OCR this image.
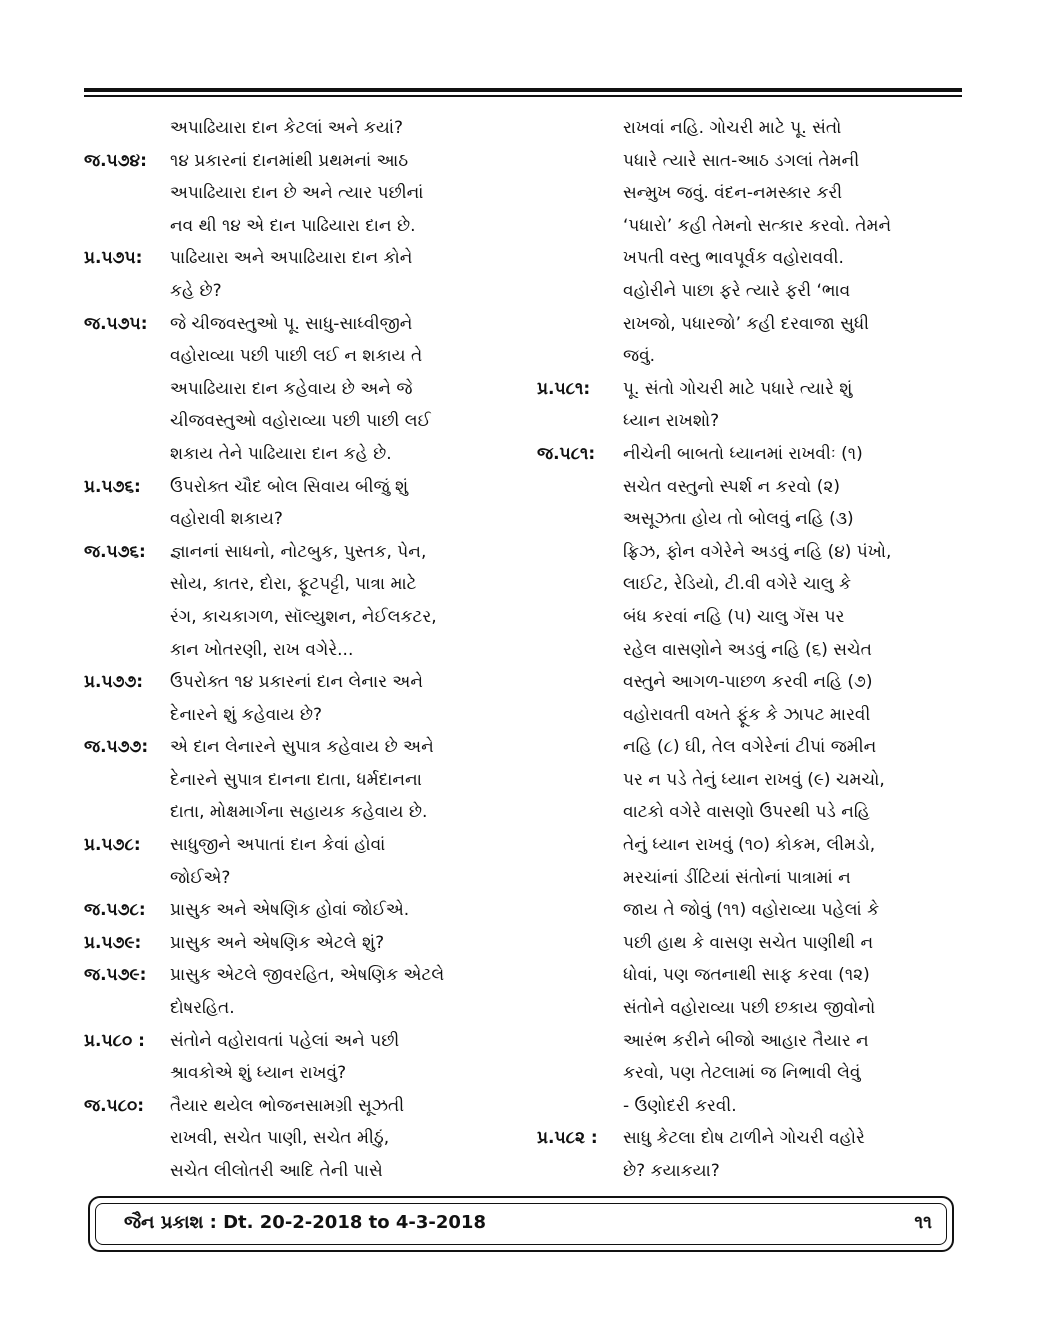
અપાઢિયારા દાન કેટલાં અને કયાં?
જ.૫૭૪:	૧૪ પ્રકારનાં દાનમાંથી પ્રથમનાં આઠ
અપાઢિયારા દાન છે અને ત્યાર પછીનાં
નવ થી ૧૪ એ દાન પાઢિયારા દાન છે.
પ્ર.૫૭૫:	પાઢિયારા અને અપાઢિયારા દાન કોને
કહે છે?
જ.૫૭૫:	જે ચીજવસ્તુઓ પૂ. સાધુ-સાધ્વીજીને
વહોરાવ્યા પછી પાછી લઈ ન શકાય તે
અપાઢિયારા દાન કહેવાય છે અને જે
ચીજવસ્તુઓ વહોરાવ્યા પછી પાછી લઈ
શકાય તેને પાઢિયારા દાન કહે છે.
પ્ર.૫૭૬:	ઉપરોક્ત ચૌદ બોલ સિવાય બીજું શું
વહોરાવી શકાય?
જ.૫૭૬:	જ્ઞાનનાં સાધનો, નોટબુક, પુસ્તક, પેન,
સોય, કાતર, દોરા, ફૂટપટ્ટી, પાત્રા માટે
રંગ, કાચકાગળ, સૉલ્યુશન, નેઈલકટર,
કાન ખોતરણી, રાખ વગેરે...
પ્ર.૫૭૭:	ઉપરોક્ત ૧૪ પ્રકારનાં દાન લેનાર અને
દેનારને શું કહેવાય છે?
જ.૫૭૭:	એ દાન લેનારને સુપાત્ર કહેવાય છે અને
દેનારને સુપાત્ર દાનના દાતા, ધર્મદાનના
દાતા, મોક્ષમાર્ગના સહાયક કહેવાય છે.
પ્ર.૫૭૮:	સાધુજીને અપાતાં દાન કેવાં હોવાં
જોઈએ?
જ.૫૭૮:	પ્રાસુક અને એષણિક હોવાં જોઈએ.
પ્ર.૫૭૯:	પ્રાસુક અને એષણિક એટલે શું?
જ.૫૭૯:	પ્રાસુક એટલે જીવરહિત, એષણિક એટલે
દોષરહિત.
પ્ર.૫૮૦ :	સંતોને વહોરાવતાં પહેલાં અને પછી
શ્રાવકોએ શું ધ્યાન રાખવું?
જ.૫૮૦:	તૈયાર થયેલ ભોજનસામગ્રી સૂઝતી
રાખવી, સચેત પાણી, સચેત મીઠું,
સચેત લીલોતરી આદિ તેની પાસે
રાખવાં નહિ. ગોચરી માટે પૂ. સંતો
પધારે ત્યારે સાત-આઠ ડગલાં તેમની
સન્મુખ જવું. વંદન-નમસ્કાર કરી
‘પધારો’ કહી તેમનો સત્કાર કરવો. તેમને
ખપતી વસ્તુ ભાવપૂર્વક વહોરાવવી.
વહોરીને પાછા ફરે ત્યારે ફરી ‘ભાવ
રાખજો, પધારજો’ કહી દરવાજા સુધી
જવું.
પ્ર.૫૮૧:	પૂ. સંતો ગોચરી માટે પધારે ત્યારે શું
ધ્યાન રાખશો?
જ.૫૮૧:	નીચેની બાબતો ધ્યાનમાં રાખવીઃ (૧)
સચેત વસ્તુનો સ્પર્શ ન કરવો (૨)
અસૂઝતા હોય તો બોલવું નહિ (૩)
ફ્રિઝ, ફોન વગેરેને અડવું નહિ (૪) પંખો,
લાઈટ, રેડિયો, ટી.વી વગેરે ચાલુ કે
બંધ કરવાં નહિ (૫) ચાલુ ગૅસ પર
રહેલ વાસણોને અડવું નહિ (૬) સચેત
વસ્તુને આગળ-પાછળ કરવી નહિ (૭)
વહોરાવતી વખતે ફૂંક કે ઝાપટ મારવી
નહિ (૮) ઘી, તેલ વગેરેનાં ટીપાં જમીન
પર ન પડે તેનું ધ્યાન રાખવું (૯) ચમચો,
વાટકો વગેરે વાસણો ઉપરથી પડે નહિ
તેનું ધ્યાન રાખવું (૧૦) કોકમ, લીમડો,
મરચાંનાં ડીંટિયાં સંતોનાં પાત્રામાં ન
જાય તે જોવું (૧૧) વહોરાવ્યા પહેલાં કે
પછી હાથ કે વાસણ સચેત પાણીથી ન
ધોવાં, પણ જતનાથી સાફ કરવા (૧૨)
સંતોને વહોરાવ્યા પછી છકાય જીવોનો
આરંભ કરીને બીજો આહાર તૈયાર ન
કરવો, પણ તેટલામાં જ નિભાવી લેવું
- ઉણોદરી કરવી.
પ્ર.૫૮૨ :	સાધુ કેટલા દોષ ટાળીને ગોચરી વહોરે
છે? કયાકયા?
જૈન પ્રકાશ : Dt. 20-2-2018 to 4-3-2018	૧૧
